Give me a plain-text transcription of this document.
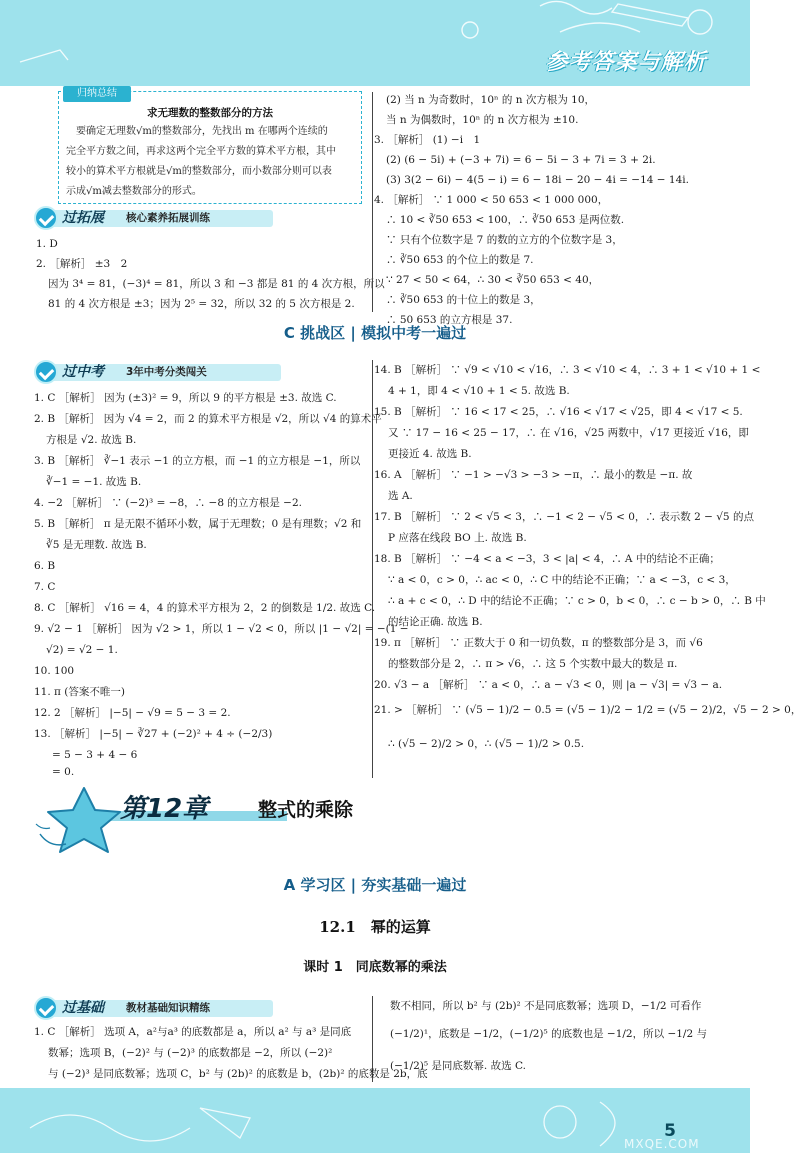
参考答案与解析
归纳总结
求无理数的整数部分的方法
要确定无理数√m的整数部分，先找出 m 在哪两个连续的
完全平方数之间，再求这两个完全平方数的算术平方根，其中
较小的算术平方根就是√m的整数部分，而小数部分则可以表
示成√m减去整数部分的形式。
过拓展 核心素养拓展训练
1. D
2. ［解析］ ±3　2
因为 3⁴ = 81，(−3)⁴ = 81，所以 3 和 −3 都是 81 的 4 次方根，所以
81 的 4 次方根是 ±3；因为 2⁵ = 32，所以 32 的 5 次方根是 2.
(2) 当 n 为奇数时，10ⁿ 的 n 次方根为 10，
当 n 为偶数时，10ⁿ 的 n 次方根为 ±10.
3. ［解析］ (1) −i　1
(2) (6 − 5i) + (−3 + 7i) = 6 − 5i − 3 + 7i = 3 + 2i.
(3) 3(2 − 6i) − 4(5 − i) = 6 − 18i − 20 − 4i = −14 − 14i.
4. ［解析］ ∵ 1 000 < 50 653 < 1 000 000，
∴ 10 < ∛50 653 < 100，∴ ∛50 653 是两位数.
∵ 只有个位数字是 7 的数的立方的个位数字是 3，
∴ ∛50 653 的个位上的数是 7.
∵ 27 < 50 < 64，∴ 30 < ∛50 653 < 40，
∴ ∛50 653 的十位上的数是 3，
∴ 50 653 的立方根是 37.
C 挑战区 | 模拟中考一遍过
过中考 3年中考分类闯关
1. C ［解析］ 因为 (±3)² = 9，所以 9 的平方根是 ±3. 故选 C.
2. B ［解析］ 因为 √4 = 2，而 2 的算术平方根是 √2，所以 √4 的算术平
方根是 √2. 故选 B.
3. B ［解析］ ∛−1 表示 −1 的立方根，而 −1 的立方根是 −1，所以
∛−1 = −1. 故选 B.
4. −2 ［解析］ ∵ (−2)³ = −8，∴ −8 的立方根是 −2.
5. B ［解析］ π 是无限不循环小数，属于无理数；0 是有理数；√2 和
∛5 是无理数. 故选 B.
6. B
7. C
8. C ［解析］ √16 = 4，4 的算术平方根为 2，2 的倒数是 1/2. 故选 C.
9. √2 − 1 ［解析］ 因为 √2 > 1，所以 1 − √2 < 0，所以 |1 − √2| = −(1 −
√2) = √2 − 1.
10. 100
11. π (答案不唯一)
12. 2 ［解析］ |−5| − √9 = 5 − 3 = 2.
13. ［解析］ |−5| − ∛27 + (−2)² + 4 ÷ (−2/3)
= 5 − 3 + 4 − 6
= 0.
14. B ［解析］ ∵ √9 < √10 < √16，∴ 3 < √10 < 4，∴ 3 + 1 < √10 + 1 <
4 + 1，即 4 < √10 + 1 < 5. 故选 B.
15. B ［解析］ ∵ 16 < 17 < 25，∴ √16 < √17 < √25，即 4 < √17 < 5.
又 ∵ 17 − 16 < 25 − 17，∴ 在 √16，√25 两数中，√17 更接近 √16，即
更接近 4. 故选 B.
16. A ［解析］ ∵ −1 > −√3 > −3 > −π，∴ 最小的数是 −π. 故
选 A.
17. B ［解析］ ∵ 2 < √5 < 3，∴ −1 < 2 − √5 < 0，∴ 表示数 2 − √5 的点
P 应落在线段 BO 上. 故选 B.
18. B ［解析］ ∵ −4 < a < −3，3 < |a| < 4，∴ A 中的结论不正确；
∵ a < 0，c > 0，∴ ac < 0，∴ C 中的结论不正确；∵ a < −3，c < 3，
∴ a + c < 0，∴ D 中的结论不正确；∵ c > 0，b < 0，∴ c − b > 0，∴ B 中
的结论正确. 故选 B.
19. π ［解析］ ∵ 正数大于 0 和一切负数，π 的整数部分是 3，而 √6
的整数部分是 2，∴ π > √6，∴ 这 5 个实数中最大的数是 π.
20. √3 − a ［解析］ ∵ a < 0，∴ a − √3 < 0，则 |a − √3| = √3 − a.
21. > ［解析］ ∵ (√5 − 1)/2 − 0.5 = (√5 − 1)/2 − 1/2 = (√5 − 2)/2，√5 − 2 > 0，
∴ (√5 − 2)/2 > 0，∴ (√5 − 1)/2 > 0.5.
第12章	整式的乘除
A 学习区 | 夯实基础一遍过
12.1　幂的运算
课时 1　同底数幂的乘法
过基础 教材基础知识精练
1. C ［解析］ 选项 A，a²与a³ 的底数都是 a，所以 a² 与 a³ 是同底
数幂；选项 B，(−2)² 与 (−2)³ 的底数都是 −2，所以 (−2)²
与 (−2)³ 是同底数幂；选项 C，b² 与 (2b)² 的底数是 b，(2b)² 的底数是 2b，底
数不相同，所以 b² 与 (2b)² 不是同底数幂；选项 D，−1/2 可看作
(−1/2)¹，底数是 −1/2，(−1/2)⁵ 的底数也是 −1/2，所以 −1/2 与
(−1/2)⁵ 是同底数幂. 故选 C.
5
MXQE.COM
